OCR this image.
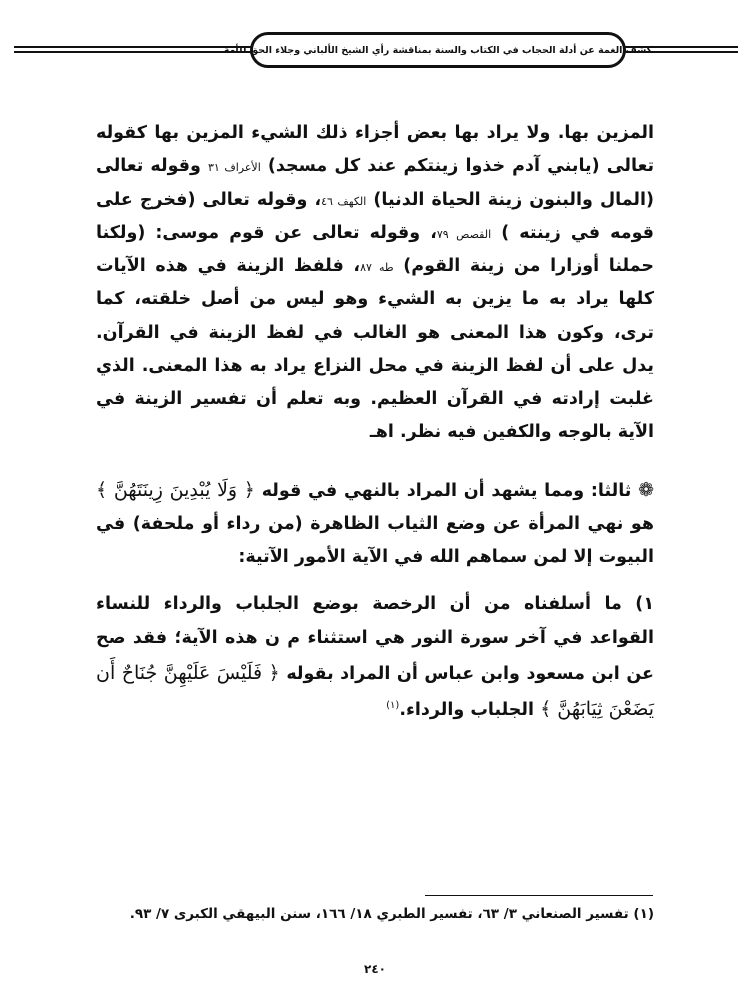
كشف الغمة عن أدلة الحجاب في الكتاب والسنة بمناقشة رأي الشيخ الألباني وجلاء الحق للأمة

المزين بها. ولا يراد بها بعض أجزاء ذلك الشيء المزين بها كقوله تعالى (يابني آدم خذوا زينتكم عند كل مسجد) الأعراف ٣١ وقوله تعالى (المال والبنون زينة الحياة الدنيا) الكهف ٤٦، وقوله تعالى (فخرج على قومه في زينته ) القصص ٧٩، وقوله تعالى عن قوم موسى: (ولكنا حملنا أوزارا من زينة القوم) طه ٨٧، فلفظ الزينة في هذه الآيات كلها يراد به ما يزين به الشيء وهو ليس من أصل خلقته، كما ترى، وكون هذا المعنى هو الغالب في لفظ الزينة في القرآن. يدل على أن لفظ الزينة في محل النزاع يراد به هذا المعنى. الذي غلبت إرادته في القرآن العظيم. وبه تعلم أن تفسير الزينة في الآية بالوجه والكفين فيه نظر. اهـ

❁ ثالثا: ومما يشهد أن المراد بالنهي في قوله ﴿ وَلَا يُبْدِينَ زِينَتَهُنَّ ﴾ هو نهي المرأة عن وضع الثياب الظاهرة (من رداء أو ملحفة) في البيوت إلا لمن سماهم الله في الآية الأمور الآتية:

١) ما أسلفناه من أن الرخصة بوضع الجلباب والرداء للنساء القواعد في آخر سورة النور هي استثناء م ن هذه الآية؛ فقد صح عن ابن مسعود وابن عباس أن المراد بقوله ﴿ فَلَيْسَ عَلَيْهِنَّ جُنَاحٌ أَن يَضَعْنَ ثِيَابَهُنَّ ﴾ الجلباب والرداء.$^{(١)}$

(١) تفسير الصنعاني ٣/ ٦٣، تفسير الطبري ١٨/ ١٦٦، سنن البيهقي الكبرى ٧/ ٩٣.
٢٤٠
